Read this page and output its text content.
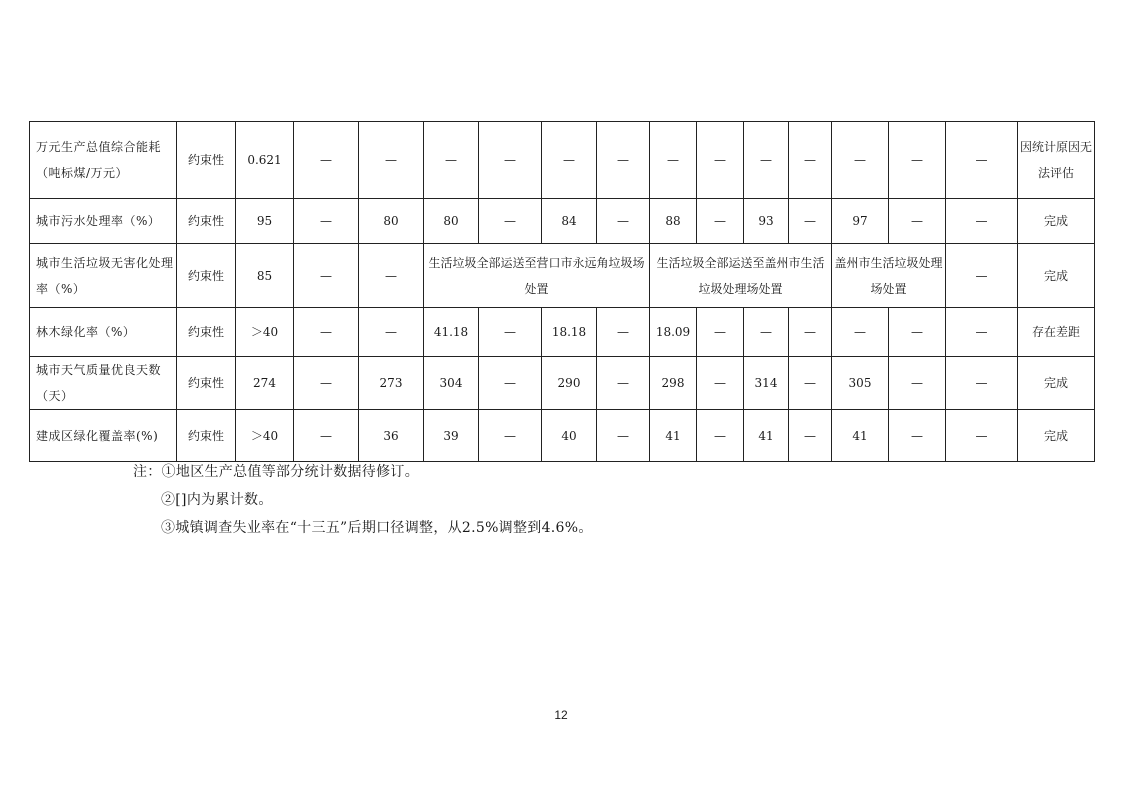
万元生产总值综合能耗（吨标煤/万元）	约束性	0.621	—	—	—	—	—	—	—	—	—	—	—	—	—	因统计原因无法评估
城市污水处理率（%）	约束性	95	—	80	80	—	84	—	88	—	93	—	97	—	—	完成
城市生活垃圾无害化处理率（%）	约束性	85	—	—	生活垃圾全部运送至营口市永远角垃圾场处置				生活垃圾全部运送至盖州市生活垃圾处理场处置				盖州市生活垃圾处理场处置		—	完成
林木绿化率（%）	约束性	＞40	—	—	41.18	—	18.18	—	18.09	—	—	—	—	—	—	存在差距
城市天气质量优良天数（天）	约束性	274	—	273	304	—	290	—	298	—	314	—	305	—	—	完成
建成区绿化覆盖率(%)	约束性	＞40	—	36	39	—	40	—	41	—	41	—	41	—	—	完成
注：①地区生产总值等部分统计数据待修订。
②[]内为累计数。
③城镇调查失业率在“十三五”后期口径调整，从2.5%调整到4.6%。
12
